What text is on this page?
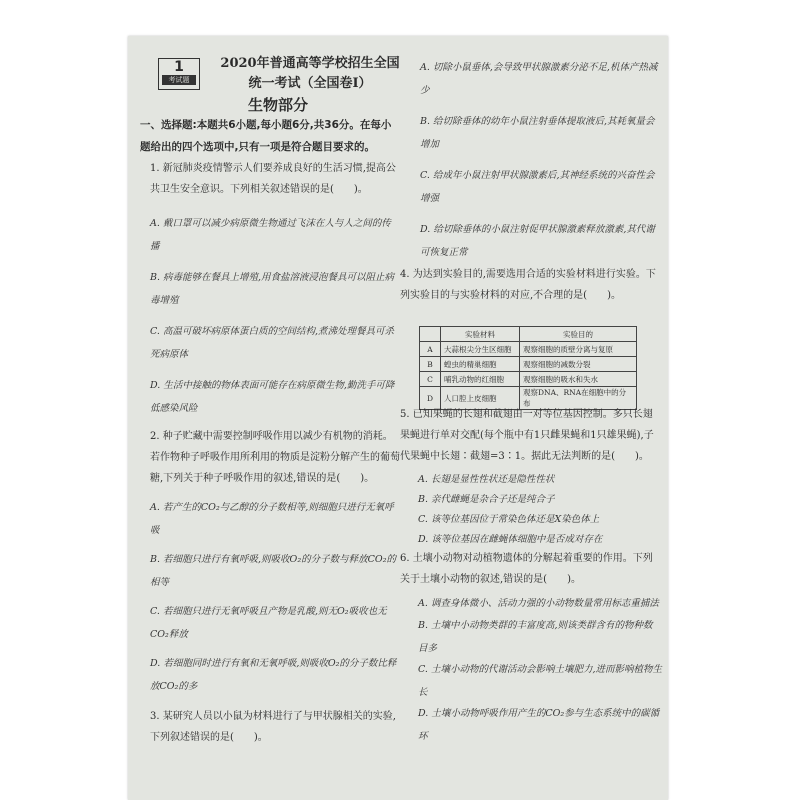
1
考试题
2020年普通高等学校招生全国统一考试（全国卷Ⅰ）
生物部分
一、选择题:本题共6小题,每小题6分,共36分。在每小题给出的四个选项中,只有一项是符合题目要求的。
1. 新冠肺炎疫情警示人们要养成良好的生活习惯,提高公共卫生安全意识。下列相关叙述错误的是(　　)。
A. 戴口罩可以减少病原微生物通过飞沫在人与人之间的传播
B. 病毒能够在餐具上增殖,用食盐溶液浸泡餐具可以阻止病毒增殖
C. 高温可破坏病原体蛋白质的空间结构,煮沸处理餐具可杀死病原体
D. 生活中接触的物体表面可能存在病原微生物,勤洗手可降低感染风险
2. 种子贮藏中需要控制呼吸作用以减少有机物的消耗。若作物种子呼吸作用所利用的物质是淀粉分解产生的葡萄糖,下列关于种子呼吸作用的叙述,错误的是(　　)。
A. 若产生的CO₂与乙醇的分子数相等,则细胞只进行无氧呼吸
B. 若细胞只进行有氧呼吸,则吸收O₂的分子数与释放CO₂的相等
C. 若细胞只进行无氧呼吸且产物是乳酸,则无O₂吸收也无CO₂释放
D. 若细胞同时进行有氧和无氧呼吸,则吸收O₂的分子数比释放CO₂的多
3. 某研究人员以小鼠为材料进行了与甲状腺相关的实验,下列叙述错误的是(　　)。
A. 切除小鼠垂体,会导致甲状腺激素分泌不足,机体产热减少
B. 给切除垂体的幼年小鼠注射垂体提取液后,其耗氧量会增加
C. 给成年小鼠注射甲状腺激素后,其神经系统的兴奋性会增强
D. 给切除垂体的小鼠注射促甲状腺激素释放激素,其代谢可恢复正常
4. 为达到实验目的,需要选用合适的实验材料进行实验。下列实验目的与实验材料的对应,不合理的是(　　)。
	实验材料	实验目的
A	大蒜根尖分生区细胞	观察细胞的质壁分离与复原
B	蝗虫的精巢细胞	观察细胞的减数分裂
C	哺乳动物的红细胞	观察细胞的吸水和失水
D	人口腔上皮细胞	观察DNA、RNA在细胞中的分布
5. 已知果蝇的长翅和截翅由一对等位基因控制。多只长翅果蝇进行单对交配(每个瓶中有1只雌果蝇和1只雄果蝇),子代果蝇中长翅∶截翅=3∶1。据此无法判断的是(　　)。
A. 长翅是显性性状还是隐性性状
B. 亲代雌蝇是杂合子还是纯合子
C. 该等位基因位于常染色体还是X染色体上
D. 该等位基因在雌蝇体细胞中是否成对存在
6. 土壤小动物对动植物遗体的分解起着重要的作用。下列关于土壤小动物的叙述,错误的是(　　)。
A. 调查身体微小、活动力强的小动物数量常用标志重捕法
B. 土壤中小动物类群的丰富度高,则该类群含有的物种数目多
C. 土壤小动物的代谢活动会影响土壤肥力,进而影响植物生长
D. 土壤小动物呼吸作用产生的CO₂参与生态系统中的碳循环
